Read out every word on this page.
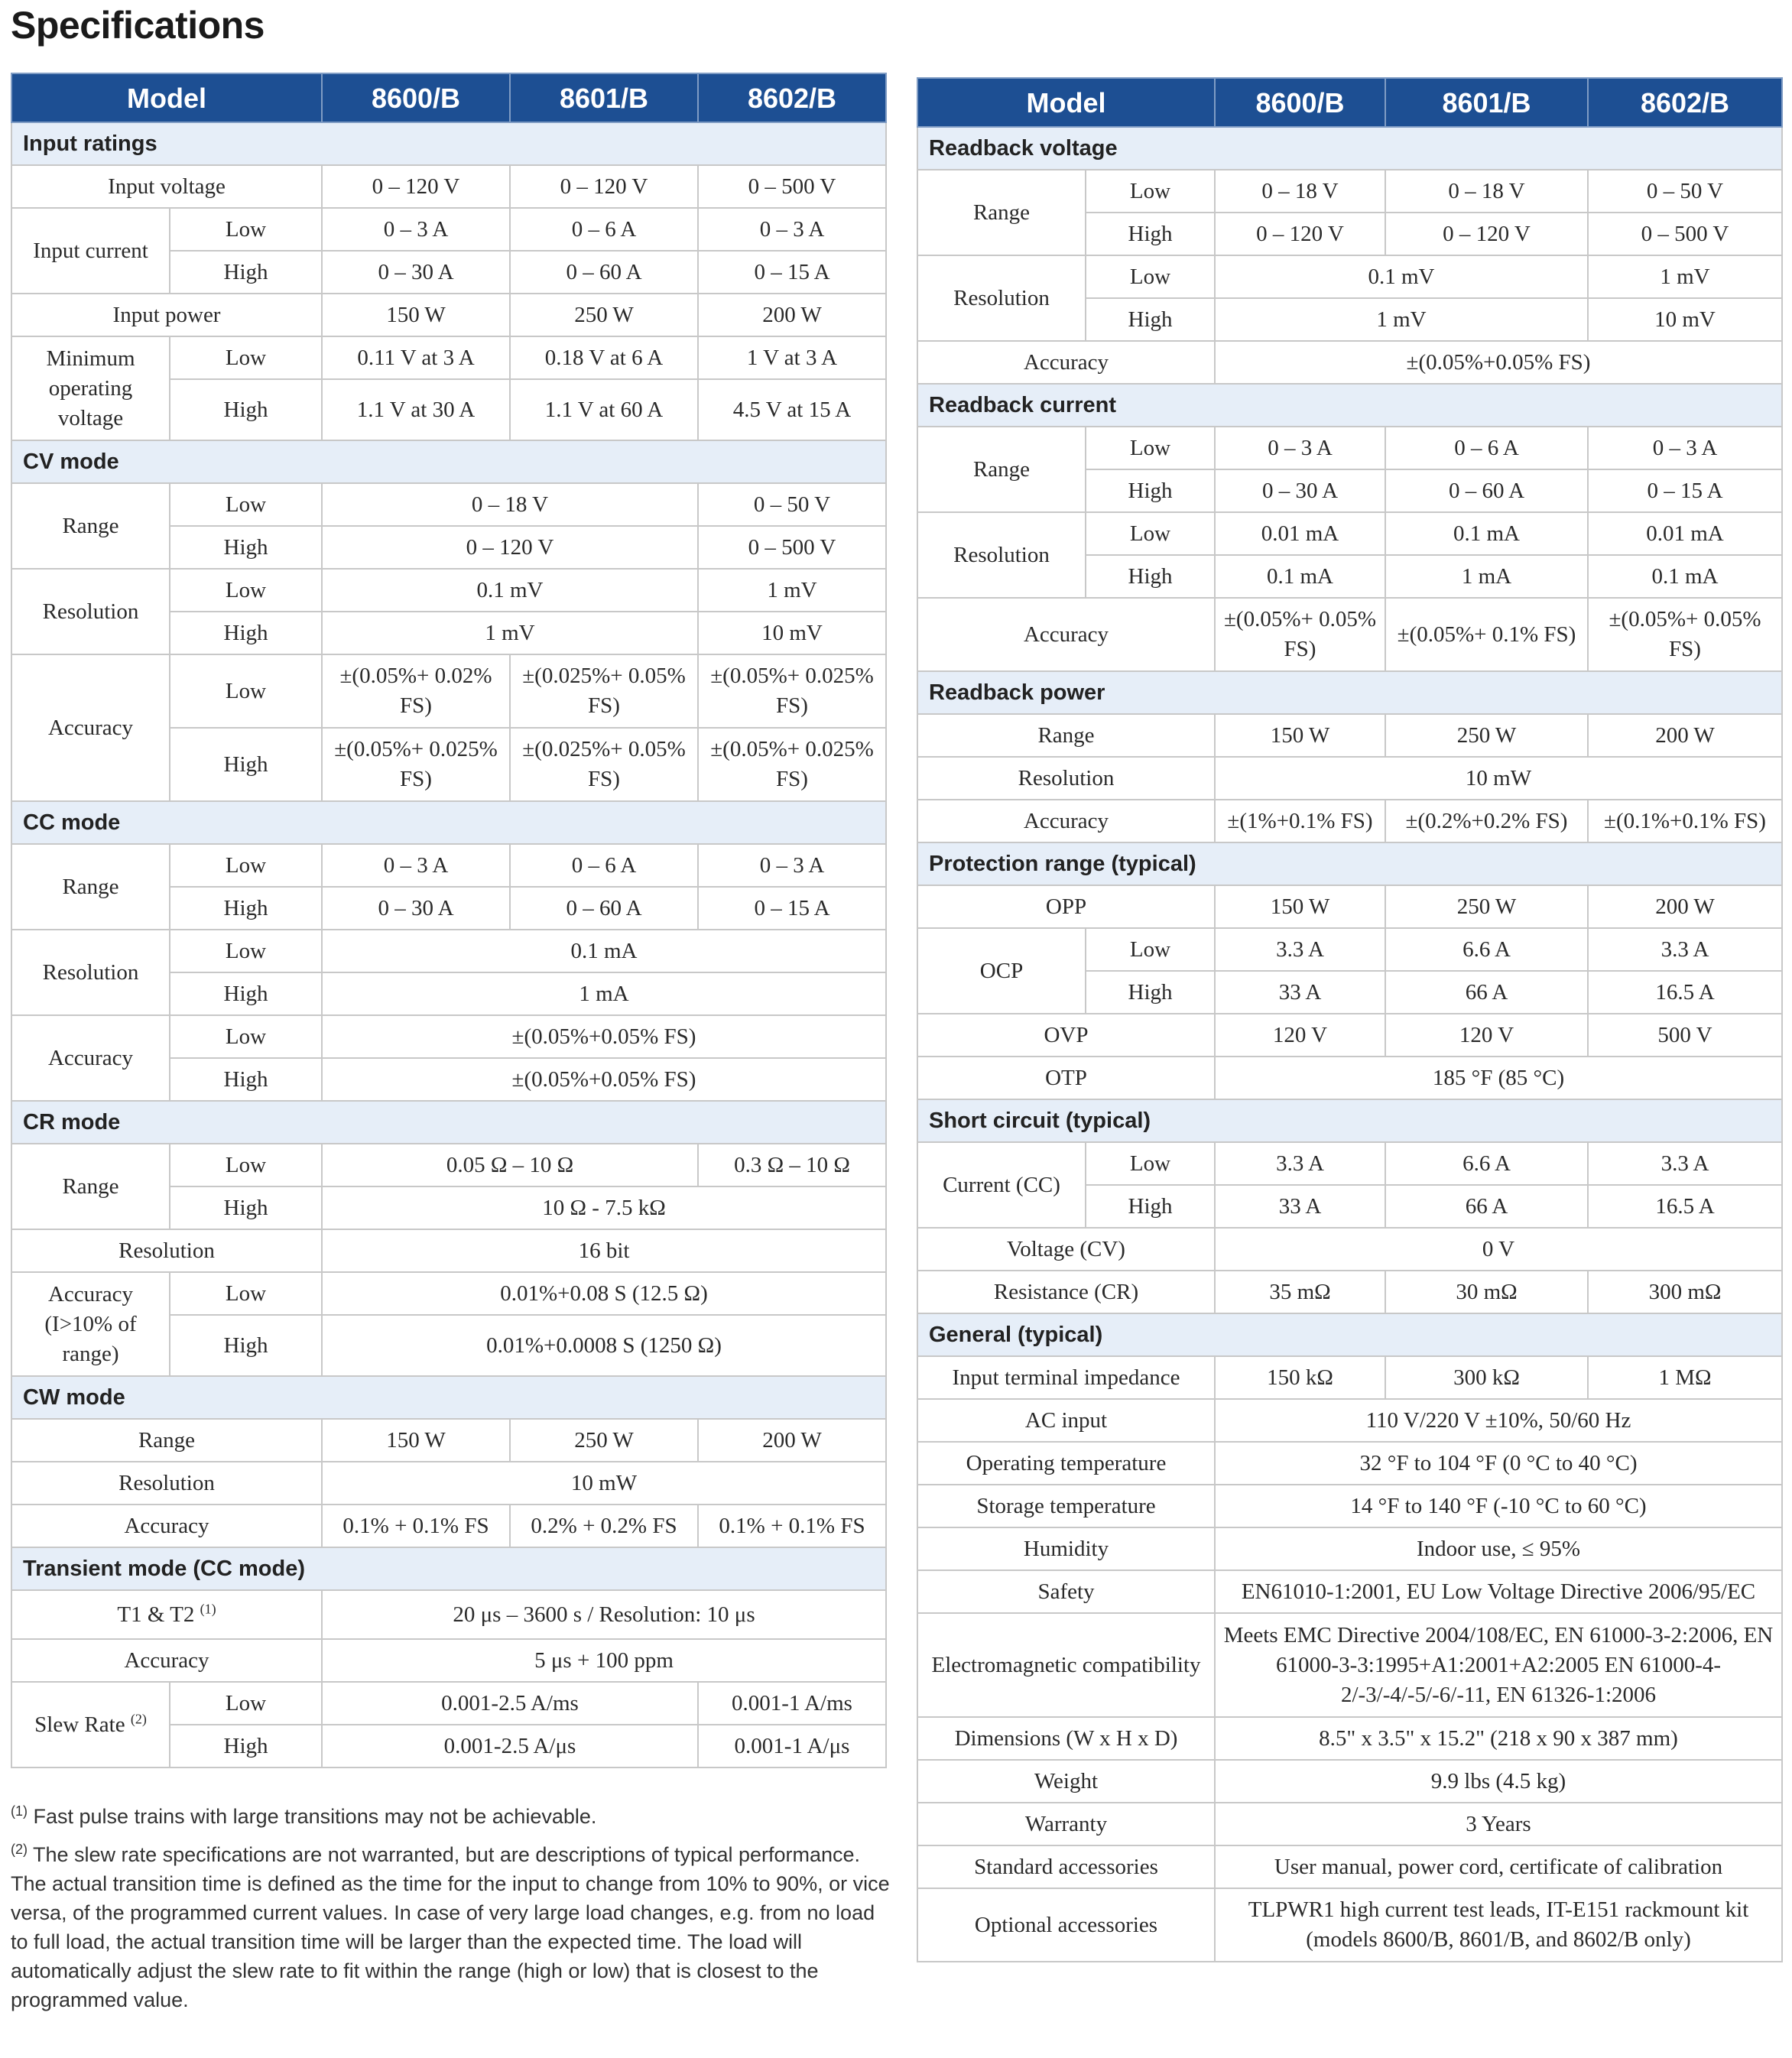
Specifications
Model		8600/B	8601/B	8602/B
Input ratings				
Input voltage		0 – 120 V	0 – 120 V	0 – 500 V
Input current	Low	0 – 3 A	0 – 6 A	0 – 3 A
	High	0 – 30 A	0 – 60 A	0 – 15 A
Input power		150 W	250 W	200 W
Minimum operating voltage	Low	0.11 V at 3 A	0.18 V at 6 A	1 V at 3 A
	High	1.1 V at 30 A	1.1 V at 60 A	4.5 V at 15 A
CV mode				
Range	Low	0 – 18 V		0 – 50 V
	High	0 – 120 V		0 – 500 V
Resolution	Low	0.1 mV		1 mV
	High	1 mV		10 mV
Accuracy	Low	±(0.05%+ 0.02% FS)	±(0.025%+ 0.05% FS)	±(0.05%+ 0.025% FS)
	High	±(0.05%+ 0.025% FS)	±(0.025%+ 0.05% FS)	±(0.05%+ 0.025% FS)
CC mode				
Range	Low	0 – 3 A	0 – 6 A	0 – 3 A
	High	0 – 30 A	0 – 60 A	0 – 15 A
Resolution	Low	0.1 mA		
	High	1 mA		
Accuracy	Low	±(0.05%+0.05% FS)		
	High	±(0.05%+0.05% FS)		
CR mode				
Range	Low	0.05 Ω – 10 Ω		0.3 Ω – 10 Ω
	High	10 Ω - 7.5 kΩ		
Resolution		16 bit		
Accuracy (I>10% of range)	Low	0.01%+0.08 S (12.5 Ω)		
	High	0.01%+0.0008 S (1250 Ω)		
CW mode				
Range		150 W	250 W	200 W
Resolution		10 mW		
Accuracy		0.1% + 0.1% FS	0.2% + 0.2% FS	0.1% + 0.1% FS
Transient mode (CC mode)				
T1 & T2 $^{(1)}$		20 μs – 3600 s / Resolution: 10 μs		
Accuracy		5 μs + 100 ppm		
Slew Rate $^{(2)}$	Low	0.001-2.5 A/ms		0.001-1 A/ms
	High	0.001-2.5 A/μs		0.001-1 A/μs
Model		8600/B	8601/B	8602/B
Readback voltage				
Range	Low	0 – 18 V	0 – 18 V	0 – 50 V
	High	0 – 120 V	0 – 120 V	0 – 500 V
Resolution	Low	0.1 mV		1 mV
	High	1 mV		10 mV
Accuracy		±(0.05%+0.05% FS)		
Readback current				
Range	Low	0 – 3 A	0 – 6 A	0 – 3 A
	High	0 – 30 A	0 – 60 A	0 – 15 A
Resolution	Low	0.01 mA	0.1 mA	0.01 mA
	High	0.1 mA	1 mA	0.1 mA
Accuracy		±(0.05%+ 0.05% FS)	±(0.05%+ 0.1% FS)	±(0.05%+ 0.05% FS)
Readback power				
Range		150 W	250 W	200 W
Resolution		10 mW		
Accuracy		±(1%+0.1% FS)	±(0.2%+0.2% FS)	±(0.1%+0.1% FS)
Protection range (typical)				
OPP		150 W	250 W	200 W
OCP	Low	3.3 A	6.6 A	3.3 A
	High	33 A	66 A	16.5 A
OVP		120 V	120 V	500 V
OTP		185 °F (85 °C)		
Short circuit (typical)				
Current (CC)	Low	3.3 A	6.6 A	3.3 A
	High	33 A	66 A	16.5 A
Voltage (CV)		0 V		
Resistance (CR)		35 mΩ	30 mΩ	300 mΩ
General (typical)				
Input terminal impedance		150 kΩ	300 kΩ	1 MΩ
AC input		110 V/220 V ±10%, 50/60 Hz		
Operating temperature		32 °F to 104 °F (0 °C to 40 °C)		
Storage temperature		14 °F to 140 °F (-10 °C to 60 °C)		
Humidity		Indoor use, ≤ 95%		
Safety		EN61010-1:2001, EU Low Voltage Directive 2006/95/EC		
Electromagnetic compatibility		Meets EMC Directive 2004/108/EC, EN 61000-3-2:2006, EN 61000-3-3:1995+A1:2001+A2:2005 EN 61000-4-2/-3/-4/-5/-6/-11, EN 61326-1:2006		
Dimensions (W x H x D)		8.5" x 3.5" x 15.2" (218 x 90 x 387 mm)		
Weight		9.9 lbs (4.5 kg)		
Warranty		3 Years		
Standard accessories		User manual, power cord, certificate of calibration		
Optional accessories		TLPWR1 high current test leads, IT-E151 rackmount kit (models 8600/B, 8601/B, and 8602/B only)		

$^{(1)}$ Fast pulse trains with large transitions may not be achievable.

$^{(2)}$ The slew rate specifications are not warranted, but are descriptions of typical performance. The actual transition time is defined as the time for the input to change from 10% to 90%, or vice versa, of the programmed current values. In case of very large load changes, e.g. from no load to full load, the actual transition time will be larger than the expected time. The load will automatically adjust the slew rate to fit within the range (high or low) that is closest to the programmed value.
